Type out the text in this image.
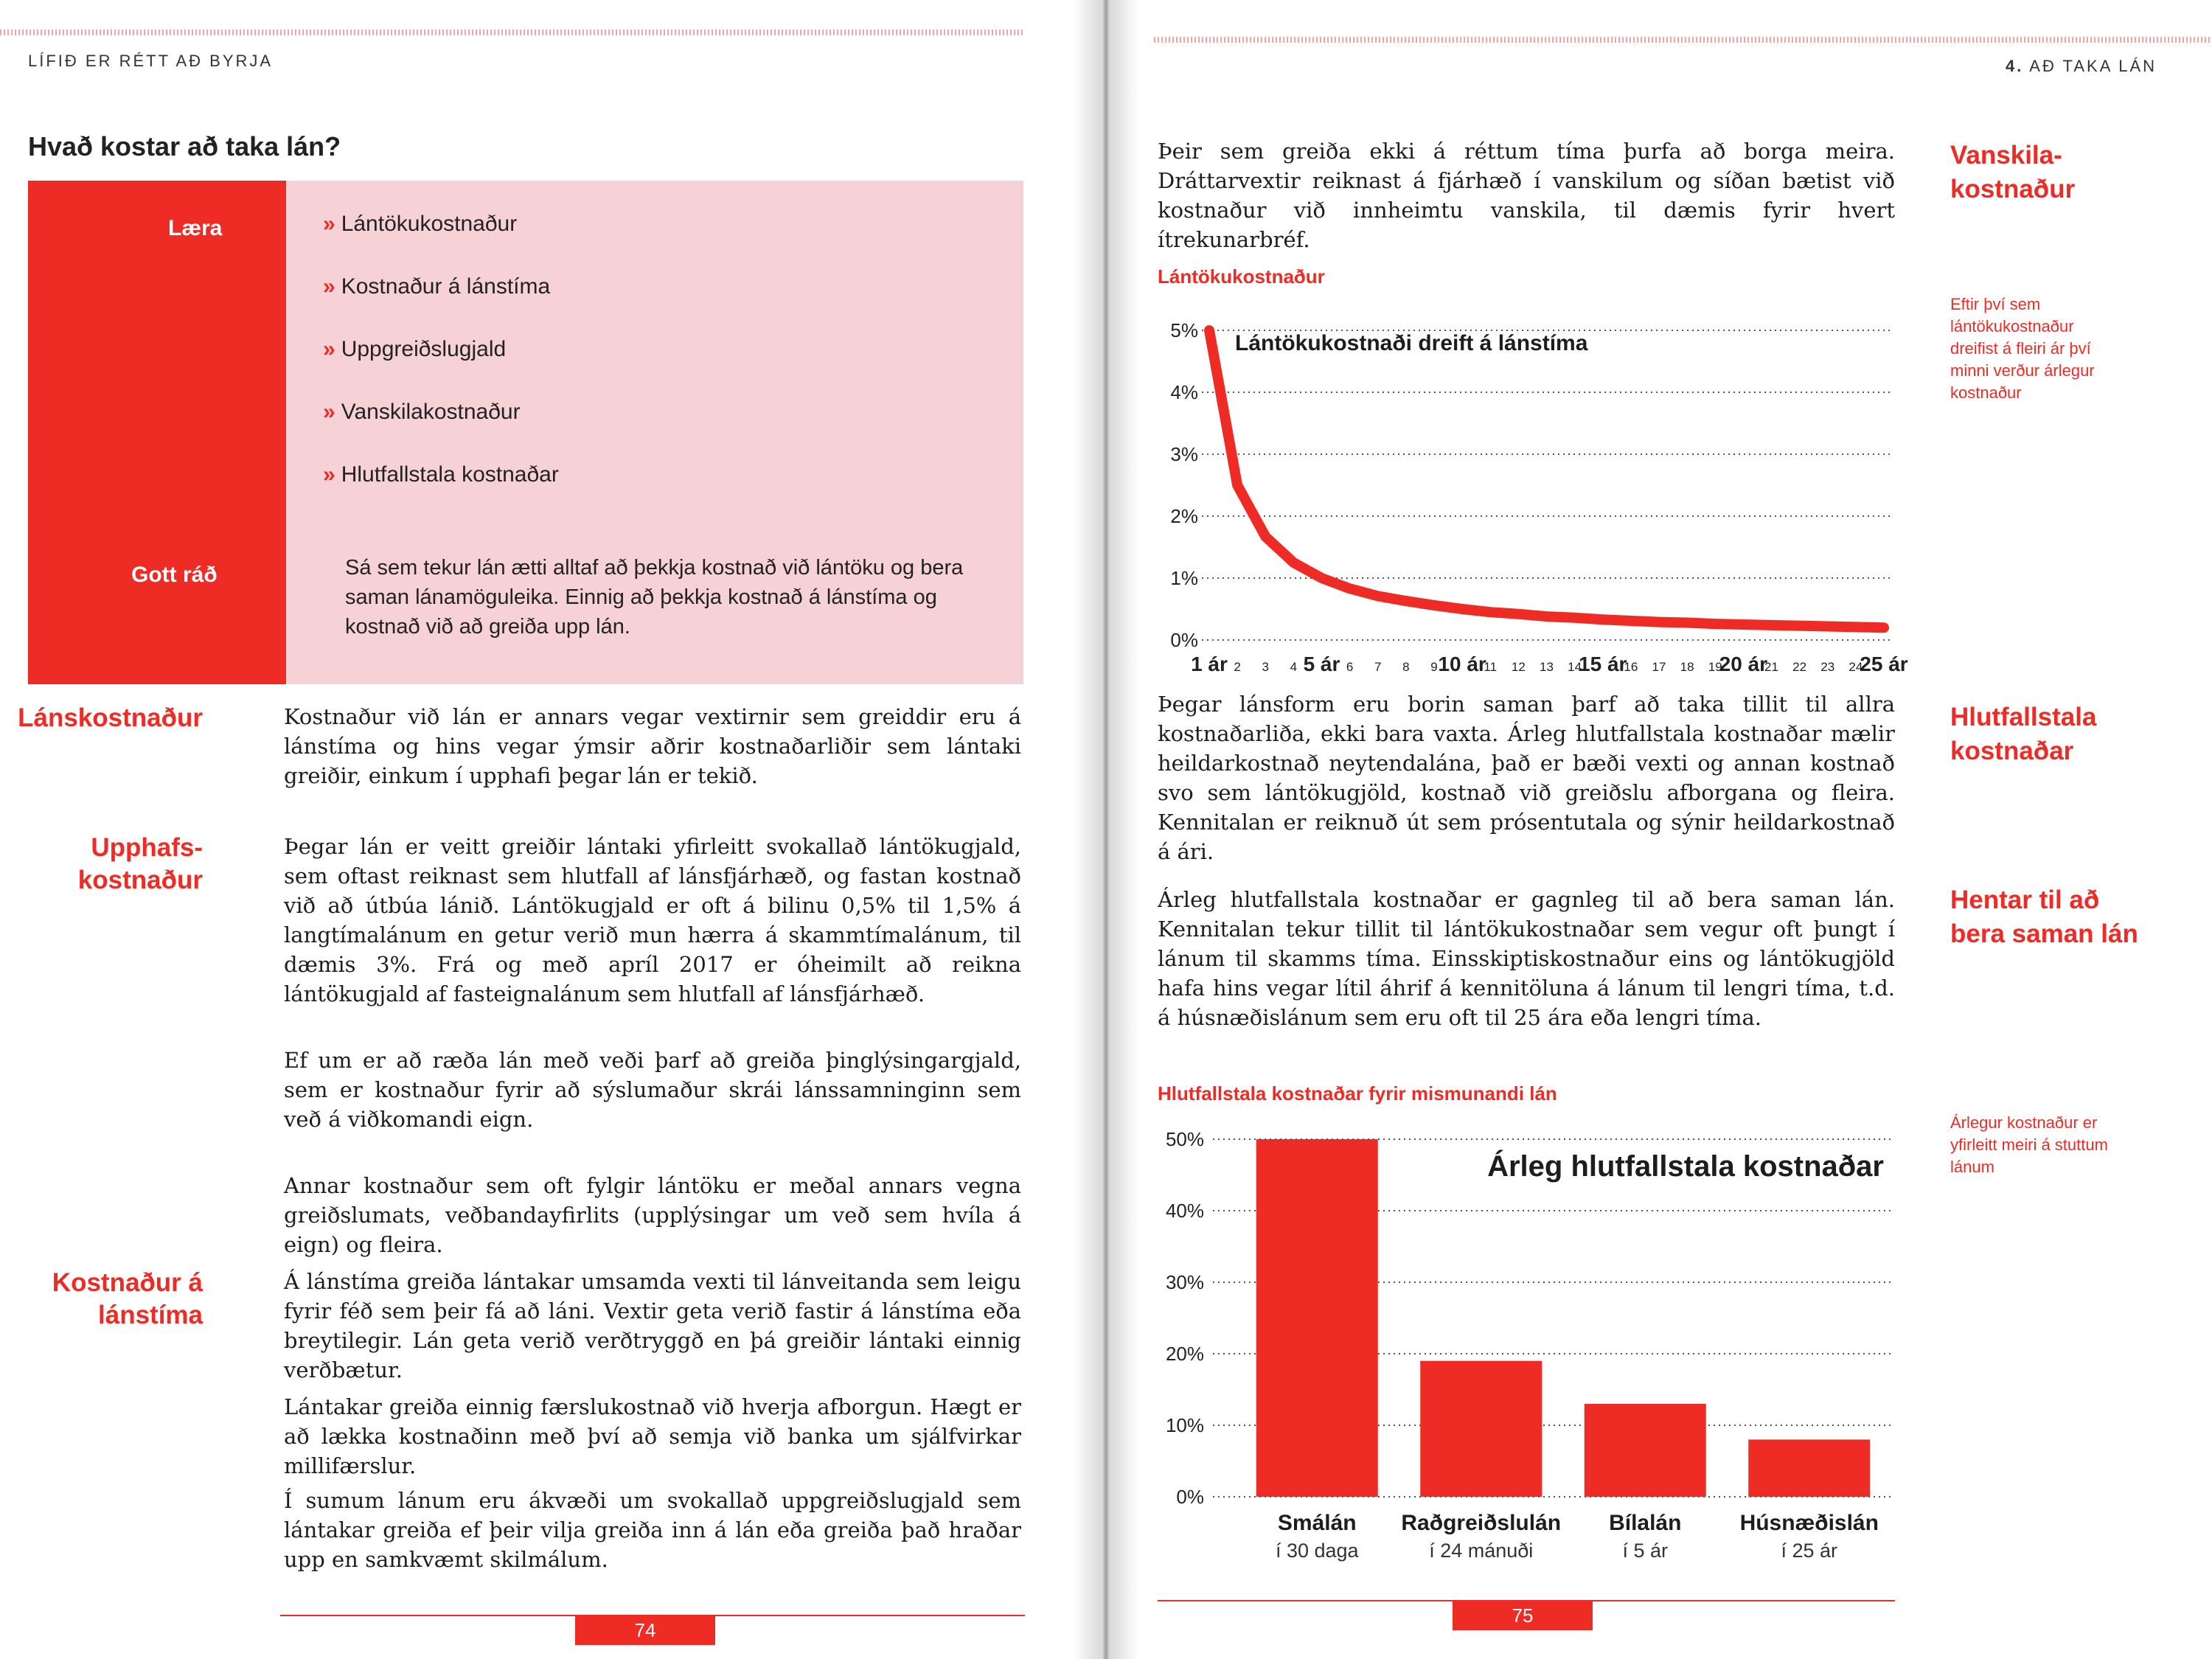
LÍFIÐ ER RÉTT AÐ BYRJA
Hvað kostar að taka lán?
Læra	» Lántökukostnaður
» Kostnaður á lánstíma
» Uppgreiðslugjald
» Vanskilakostnaður
» Hlutfallstala kostnaðar
Gott ráð	Sá sem tekur lán ætti alltaf að þekkja kostnað við lántöku og bera saman lánamöguleika. Einnig að þekkja kostnað á lánstíma og kostnað við að greiða upp lán.
Lánskostnaður	Kostnaður við lán er annars vegar vextirnir sem greiddir eru á lánstíma og hins vegar ýmsir aðrir kostnaðarliðir sem lántaki greiðir, einkum í upphafi þegar lán er tekið.

Upphafs-
kostnaður

Þegar lán er veitt greiðir lántaki yfirleitt svokallað lántökugjald, sem oftast reiknast sem hlutfall af lánsfjárhæð, og fastan kostnað við að útbúa lánið. Lántökugjald er oft á bilinu 0,5% til 1,5% á langtímalánum en getur verið mun hærra á skammtímalánum, til dæmis 3%. Frá og með apríl 2017 er óheimilt að reikna lántökugjald af fasteignalánum sem hlutfall af lánsfjárhæð.

Ef um er að ræða lán með veði þarf að greiða þinglýsingargjald, sem er kostnaður fyrir að sýslumaður skrái lánssamninginn sem veð á viðkomandi eign.

Annar kostnaður sem oft fylgir lántöku er meðal annars vegna greiðslumats, veðbandayfirlits (upplýsingar um veð sem hvíla á eign) og fleira.

Kostnaður á
lánstíma

Á lánstíma greiða lántakar umsamda vexti til lánveitanda sem leigu fyrir féð sem þeir fá að láni. Vextir geta verið fastir á lánstíma eða breytilegir. Lán geta verið verðtryggð en þá greiðir lántaki einnig verðbætur.

Lántakar greiða einnig færslukostnað við hverja afborgun. Hægt er að lækka kostnaðinn með því að semja við banka um sjálfvirkar millifærslur.

Í sumum lánum eru ákvæði um svokallað uppgreiðslugjald sem lántakar greiða ef þeir vilja greiða inn á lán eða greiða það hraðar upp en samkvæmt skilmálum.

74
4. AÐ TAKA LÁN

Þeir sem greiða ekki á réttum tíma þurfa að borga meira. Dráttarvextir reiknast á fjárhæð í vanskilum og síðan bætist við kostnaður við innheimtu vanskila, til dæmis fyrir hvert ítrekunarbréf.

Vanskila-
kostnaður
Lántökukostnaður
Eftir því sem lántökukostnaður dreifist á fleiri ár því minni verður árlegur kostnaður
0%
1%
2%
3%
4%
5%
1 ár 2 3 4 5 ár 6 7 8 9 10 ár
11 12 13 14
15 ár
16 17 18 19
20 ár
21 22 23 24
25 ár
Lántökukostnaði dreift á lánstíma

Þegar lánsform eru borin saman þarf að taka tillit til allra kostnaðarliða, ekki bara vaxta. Árleg hlutfallstala kostnaðar mælir heildarkostnað neytendalána, það er bæði vexti og annan kostnað svo sem lántökugjöld, kostnað við greiðslu afborgana og fleira. Kennitalan er reiknuð út sem prósentutala og sýnir heildarkostnað á ári.

Hlutfallstala
kostnaðar

Árleg hlutfallstala kostnaðar er gagnleg til að bera saman lán. Kennitalan tekur tillit til lántökukostnaðar sem vegur oft þungt í lánum til skamms tíma. Einsskiptiskostnaður eins og lántökugjöld hafa hins vegar lítil áhrif á kennitöluna á lánum til lengri tíma, t.d. á húsnæðislánum sem eru oft til 25 ára eða lengri tíma.

Hentar til að
bera saman lán
Hlutfallstala kostnaðar fyrir mismunandi lán
Árlegur kostnaður er yfirleitt meiri á stuttum lánum
0%
10%
20%
30%
40%
50%
Smálán
í 30 daga
Raðgreiðslulán
í 24 mánuði
Bílalán
í 5 ár
Húsnæðislán
í 25 ár
Árleg hlutfallstala kostnaðar
75
